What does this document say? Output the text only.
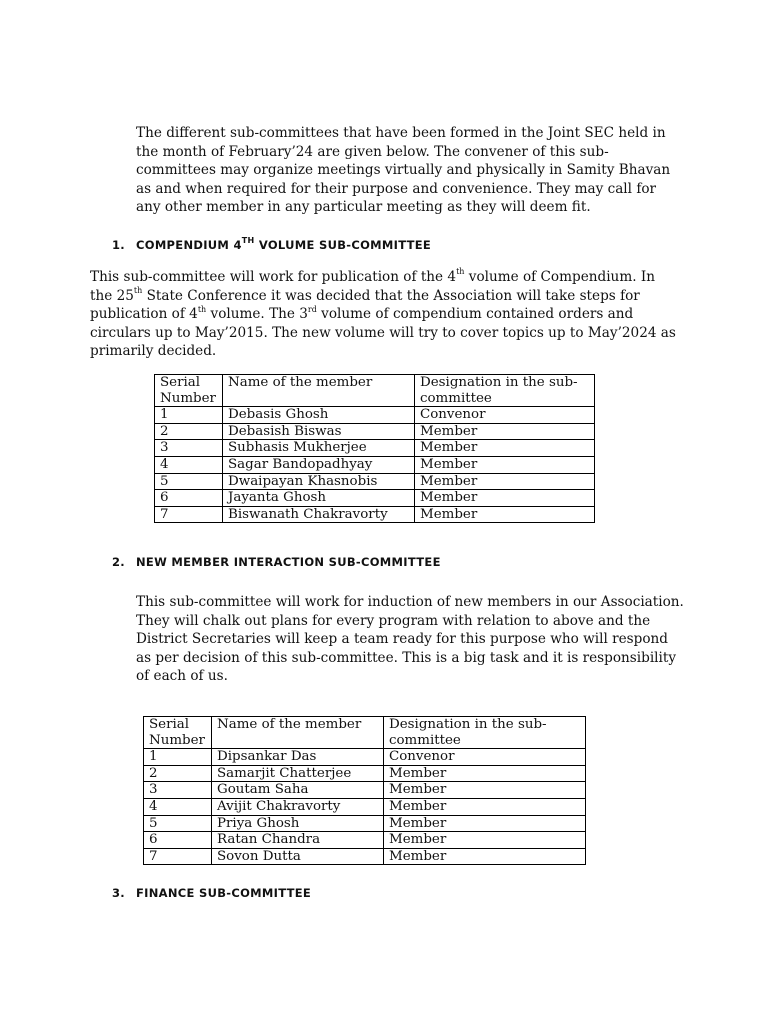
The different sub-committees that have been formed in the Joint SEC held in the month of February’24 are given below. The convener of this sub-committees may organize meetings virtually and physically in Samity Bhavan as and when required for their purpose and convenience. They may call for any other member in any particular meeting as they will deem fit.

1. COMPENDIUM 4TH VOLUME SUB-COMMITTEE

This sub-committee will work for publication of the 4th volume of Compendium. In the 25th State Conference it was decided that the Association will take steps for publication of 4th volume. The 3rd volume of compendium contained orders and circulars up to May’2015. The new volume will try to cover topics up to May’2024 as primarily decided.

Serial Number	Name of the member	Designation in the sub-committee
1	Debasis Ghosh	Convenor
2	Debasish Biswas	Member
3	Subhasis Mukherjee	Member
4	Sagar Bandopadhyay	Member
5	Dwaipayan Khasnobis	Member
6	Jayanta Ghosh	Member
7	Biswanath Chakravorty	Member
2. NEW MEMBER INTERACTION SUB-COMMITTEE

This sub-committee will work for induction of new members in our Association. They will chalk out plans for every program with relation to above and the District Secretaries will keep a team ready for this purpose who will respond as per decision of this sub-committee. This is a big task and it is responsibility of each of us.

Serial Number	Name of the member	Designation in the sub-committee
1	Dipsankar Das	Convenor
2	Samarjit Chatterjee	Member
3	Goutam Saha	Member
4	Avijit Chakravorty	Member
5	Priya Ghosh	Member
6	Ratan Chandra	Member
7	Sovon Dutta	Member
3. FINANCE SUB-COMMITTEE
